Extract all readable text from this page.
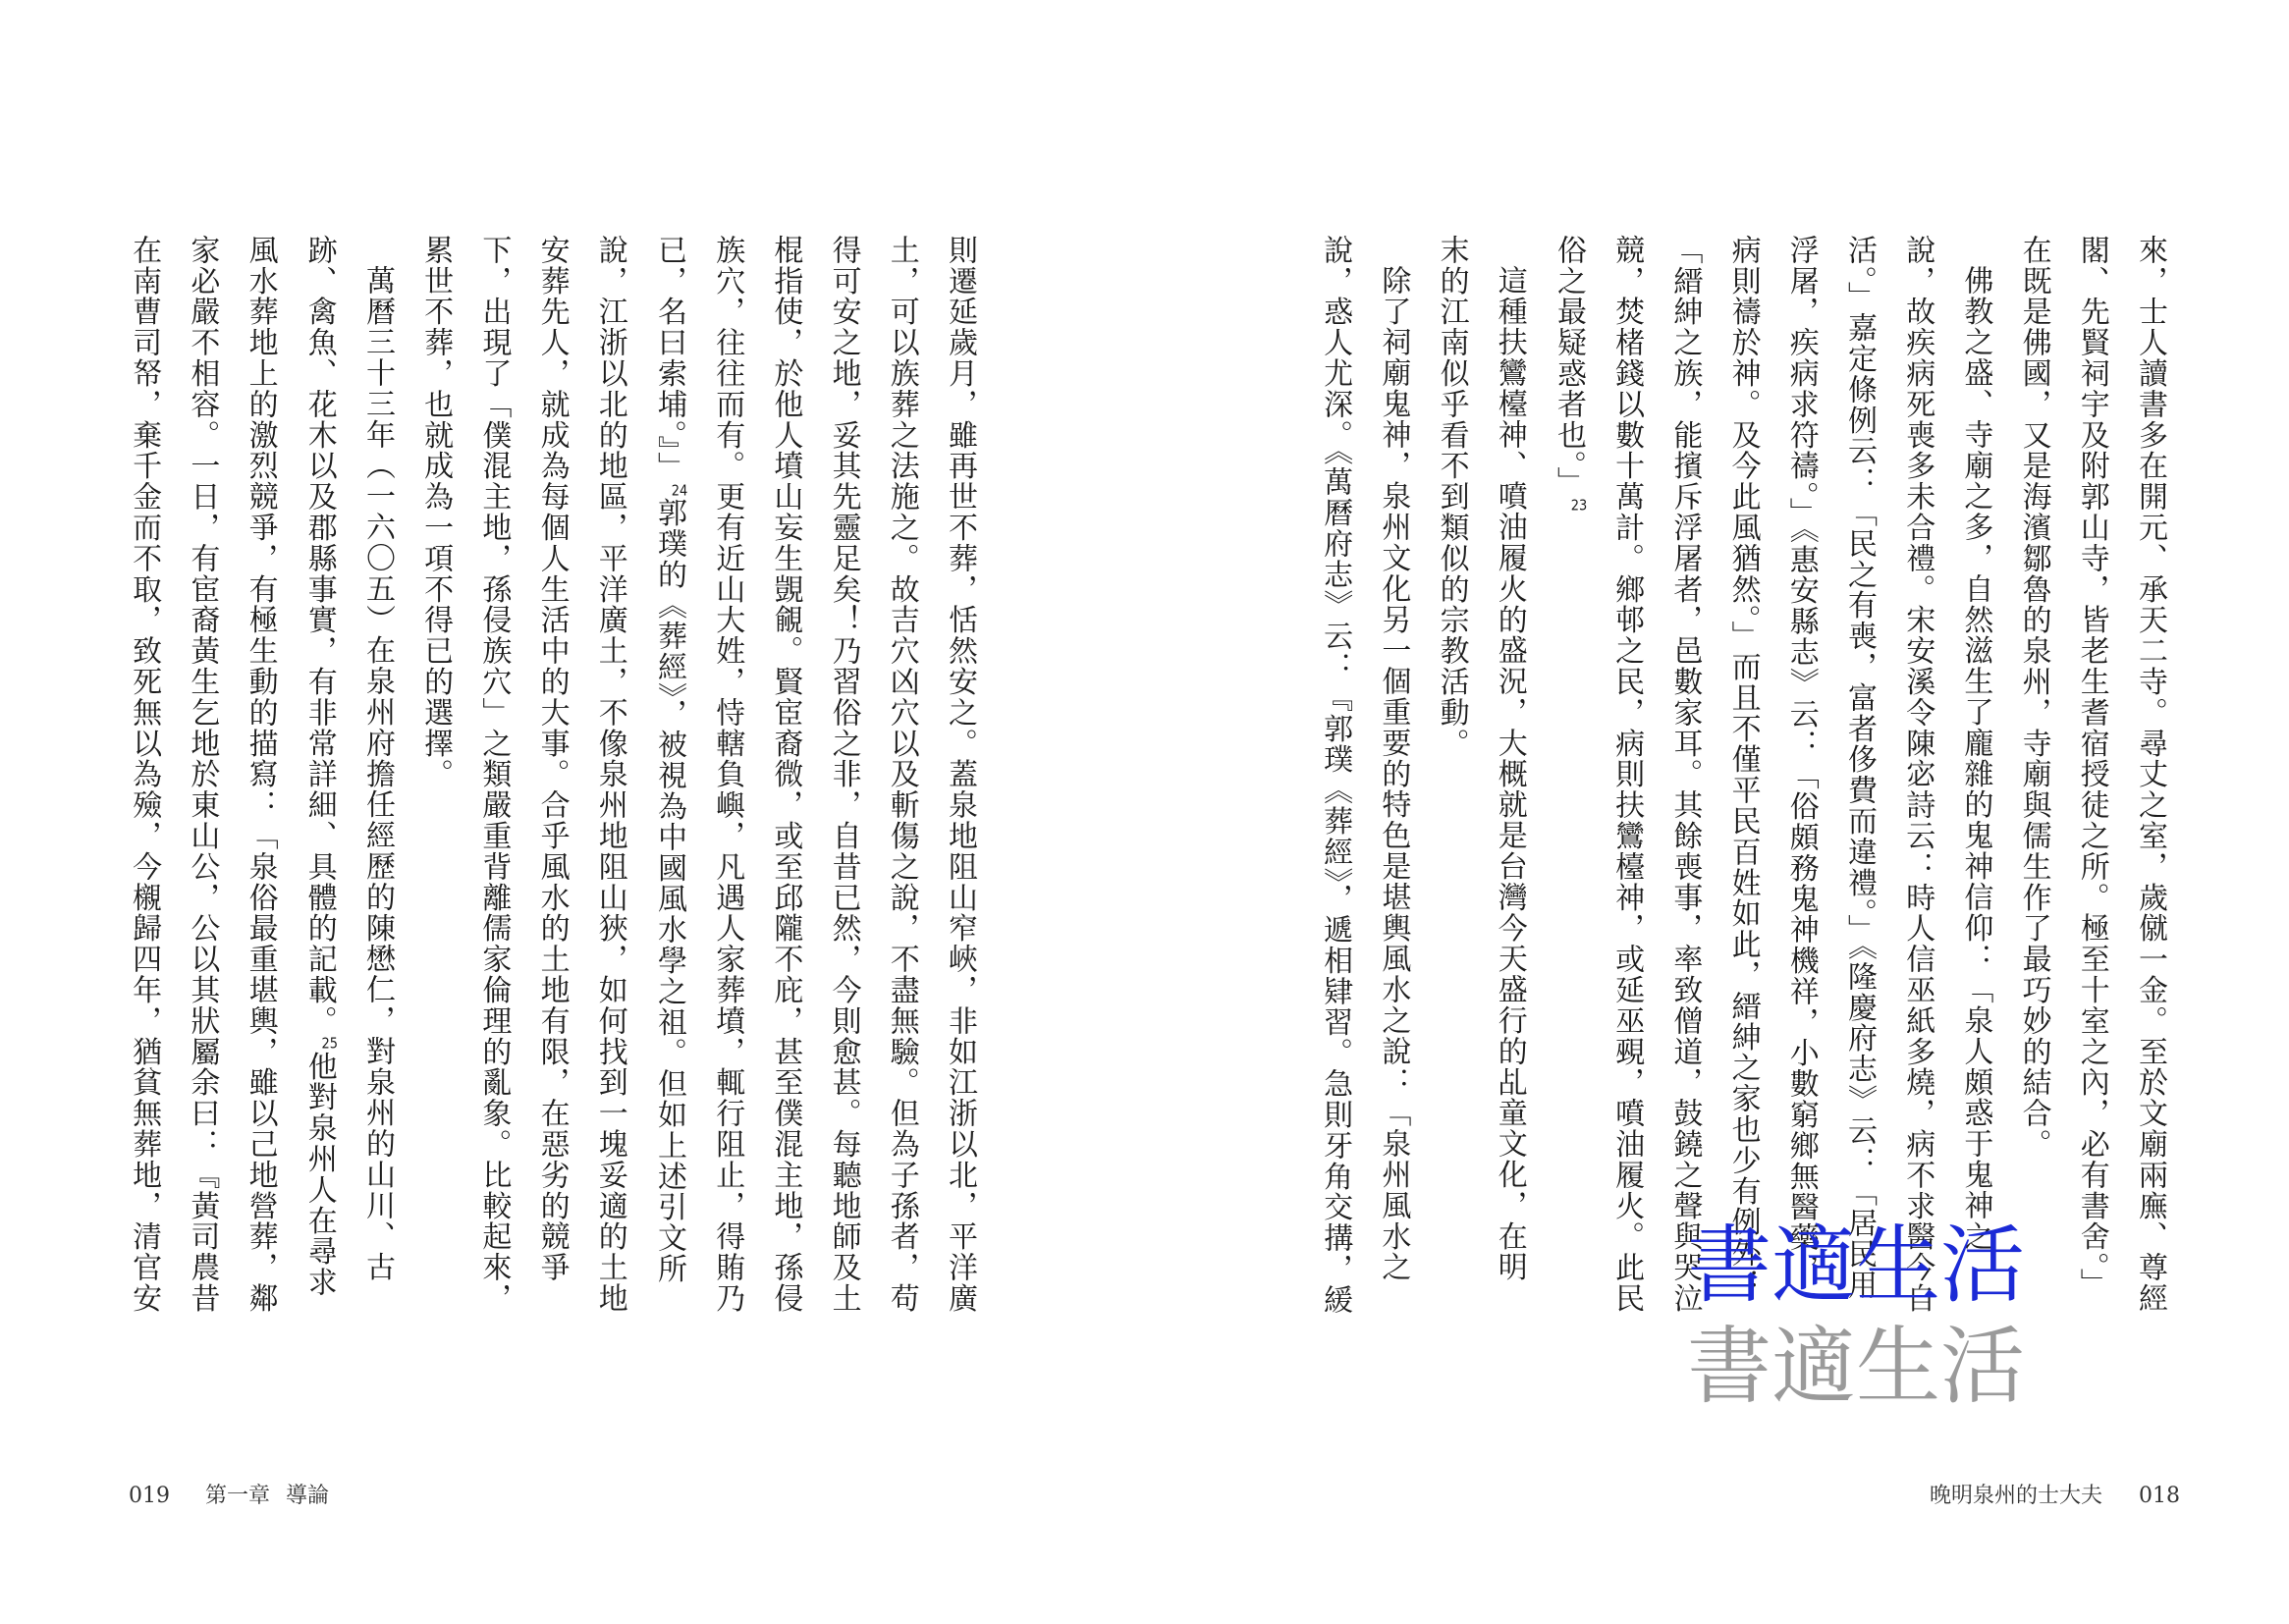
來，士人讀書多在開元、承天二寺。尋丈之室，歲僦一金。至於文廟兩廡、尊經
閣、先賢祠宇及附郭山寺，皆老生耆宿授徒之所。極至十室之內，必有書舍。」
在既是佛國，又是海濱鄒魯的泉州，寺廟與儒生作了最巧妙的結合。
佛教之盛、寺廟之多，自然滋生了龐雜的鬼神信仰：「泉人頗惑于鬼神之
說，故疾病死喪多未合禮。宋安溪令陳宓詩云：時人信巫紙多燒，病不求醫今自
活。」嘉定條例云：「民之有喪，富者侈費而違禮。」《隆慶府志》云：「居民用
浮屠，疾病求符禱。」《惠安縣志》云：「俗頗務鬼神機祥，小數窮鄉無醫藥，
病則禱於神。及今此風猶然。」而且不僅平民百姓如此，縉紳之家也少有例外：
「縉紳之族，能擯斥浮屠者，邑數家耳。其餘喪事，率致僧道，鼓鐃之聲與哭泣
競，焚楮錢以數十萬計。鄉邨之民，病則扶鸞檯神，或延巫覡，噴油履火。此民
俗之最疑惑者也。」23
這種扶鸞檯神、噴油履火的盛況，大概就是台灣今天盛行的乩童文化，在明
末的江南似乎看不到類似的宗教活動。
除了祠廟鬼神，泉州文化另一個重要的特色是堪輿風水之說：「泉州風水之
說，惑人尤深。《萬曆府志》云：『郭璞《葬經》，遞相肄習。急則牙角交搆，緩
則遷延歲月，雖再世不葬，恬然安之。蓋泉地阻山窄峽，非如江浙以北，平洋廣
土，可以族葬之法施之。故吉穴凶穴以及斬傷之說，不盡無驗。但為子孫者，苟
得可安之地，妥其先靈足矣！乃習俗之非，自昔已然，今則愈甚。每聽地師及土
棍指使，於他人墳山妄生覬覦。賢宦裔微，或至邱隴不庇，甚至僕混主地，孫侵
族穴，往往而有。更有近山大姓，恃轄負嶼，凡遇人家葬墳，輒行阻止，得賄乃
已，名曰索埔。』」24郭璞的《葬經》，被視為中國風水學之祖。但如上述引文所
說，江浙以北的地區，平洋廣土，不像泉州地阻山狹，如何找到一塊妥適的土地
安葬先人，就成為每個人生活中的大事。合乎風水的土地有限，在惡劣的競爭
下，出現了「僕混主地，孫侵族穴」之類嚴重背離儒家倫理的亂象。比較起來，
累世不葬，也就成為一項不得已的選擇。
萬曆三十三年（一六〇五）在泉州府擔任經歷的陳懋仁，對泉州的山川、古
跡、禽魚、花木以及郡縣事實，有非常詳細、具體的記載。25他對泉州人在尋求
風水葬地上的激烈競爭，有極生動的描寫：「泉俗最重堪輿，雖以己地營葬，鄰
家必嚴不相容。一日，有宦裔黃生乞地於東山公，公以其狀屬余曰：『黃司農昔
在南曹司帑，棄千金而不取，致死無以為殮，今櫬歸四年，猶貧無葬地，清官安
019 第一章 導論	晚明泉州的士大夫 018
書適生活
書適生活
